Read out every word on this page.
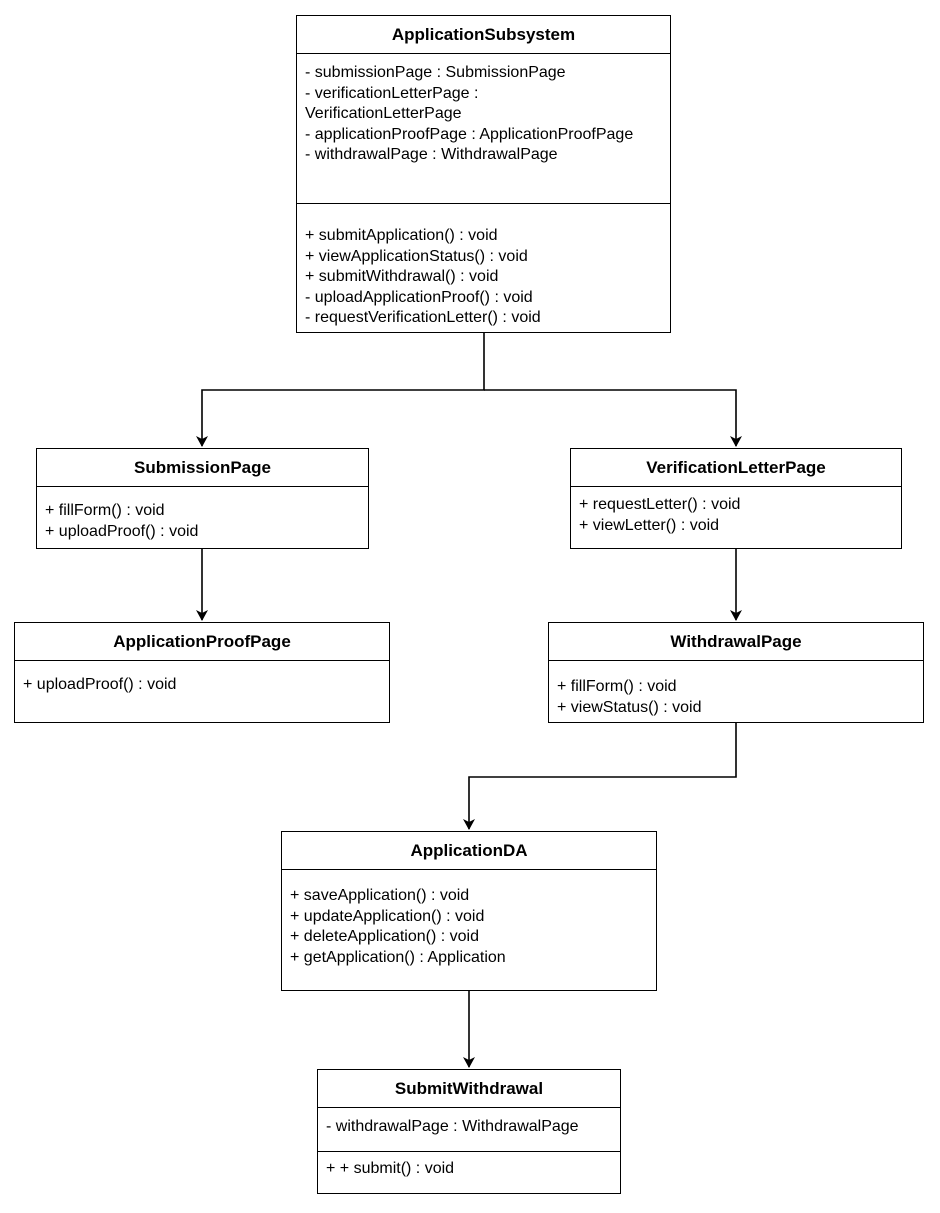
ApplicationSubsystem
- submissionPage : SubmissionPage
- verificationLetterPage :
VerificationLetterPage
- applicationProofPage : ApplicationProofPage
- withdrawalPage : WithdrawalPage
+ submitApplication() : void
+ viewApplicationStatus() : void
+ submitWithdrawal() : void
- uploadApplicationProof() : void
- requestVerificationLetter() : void
SubmissionPage
+ fillForm() : void
+ uploadProof() : void
VerificationLetterPage
+ requestLetter() : void
+ viewLetter() : void
ApplicationProofPage
+ uploadProof() : void
WithdrawalPage
+ fillForm() : void
+ viewStatus() : void
ApplicationDA
+ saveApplication() : void
+ updateApplication() : void
+ deleteApplication() : void
+ getApplication() : Application
SubmitWithdrawal
- withdrawalPage : WithdrawalPage
+ + submit() : void
